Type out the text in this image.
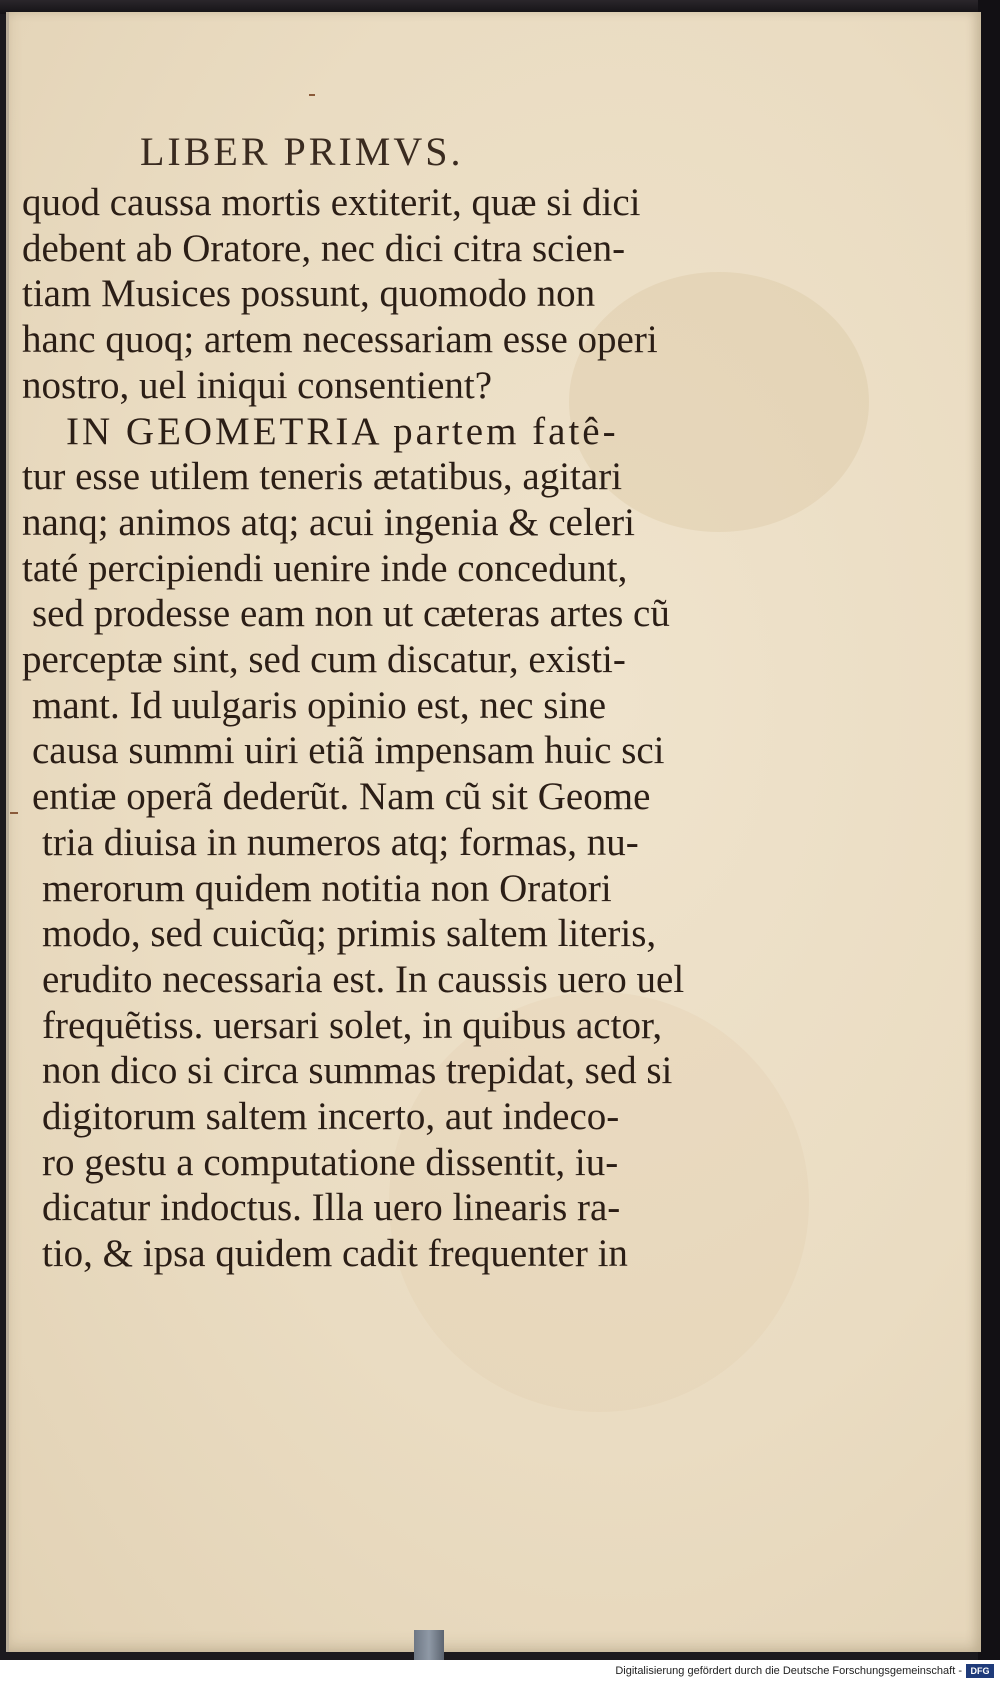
LIBER PRIMVS.
quod caussa mortis extiterit, quæ si dici
debent ab Oratore, nec dici citra scien-
tiam Musices possunt, quomodo non
hanc quoq; artem necessariam esse operi
nostro, uel iniqui consentient?
IN GEOMETRIA partem fatê-
tur esse utilem teneris ætatibus, agitari
nanq; animos atq; acui ingenia & celeri
taté percipiendi uenire inde concedunt,
sed prodesse eam non ut cæteras artes cũ
perceptæ sint, sed cum discatur, existi-
mant. Id uulgaris opinio est, nec sine
causa summi uiri etiã impensam huic sci
entiæ operã dederũt. Nam cũ sit Geome
tria diuisa in numeros atq; formas, nu-
merorum quidem notitia non Oratori
modo, sed cuicũq; primis saltem literis,
erudito necessaria est. In caussis uero uel
frequẽtiss. uersari solet, in quibus actor,
non dico si circa summas trepidat, sed si
digitorum saltem incerto, aut indeco-
ro gestu a computatione dissentit, iu-
dicatur indoctus. Illa uero linearis ra-
tio, & ipsa quidem cadit frequenter in
Digitalisierung gefördert durch die Deutsche Forschungsgemeinschaft - DFG
